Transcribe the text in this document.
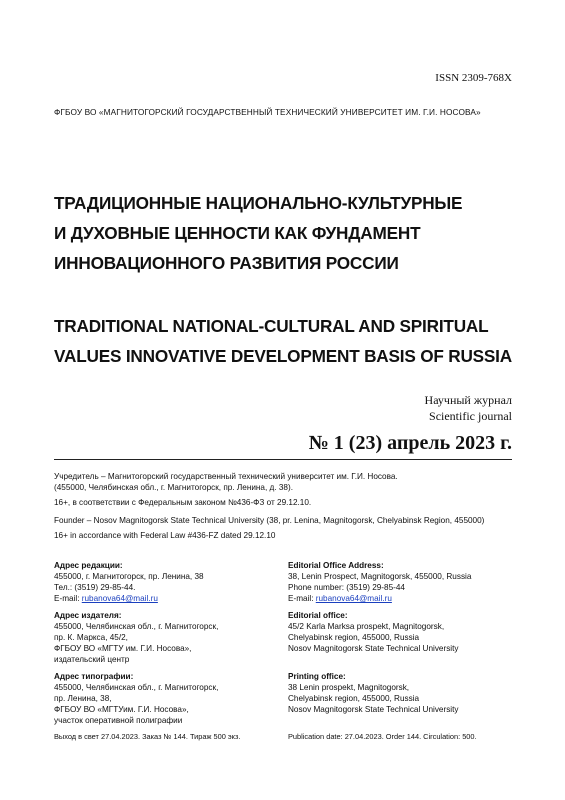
ISSN 2309-768X
ФГБОУ ВО «МАГНИТОГОРСКИЙ ГОСУДАРСТВЕННЫЙ ТЕХНИЧЕСКИЙ УНИВЕРСИТЕТ ИМ. Г.И. НОСОВА»
ТРАДИЦИОННЫЕ НАЦИОНАЛЬНО-КУЛЬТУРНЫЕ
И ДУХОВНЫЕ ЦЕННОСТИ КАК ФУНДАМЕНТ
ИННОВАЦИОННОГО РАЗВИТИЯ РОССИИ
TRADITIONAL NATIONAL-CULTURAL AND SPIRITUAL
VALUES INNOVATIVE DEVELOPMENT BASIS OF RUSSIA
Научный журнал
Scientific journal
№ 1 (23) апрель 2023 г.
Учредитель – Магнитогорский государственный технический университет им. Г.И. Носова.
(455000, Челябинская обл., г. Магнитогорск, пр. Ленина, д. 38).
16+, в соответствии с Федеральным законом №436-ФЗ от 29.12.10.
Founder – Nosov Magnitogorsk State Technical University (38, pr. Lenina, Magnitogorsk, Chelyabinsk Region, 455000)
16+ in accordance with Federal Law #436-FZ dated 29.12.10
Адрес редакции:
455000, г. Магнитогорск, пр. Ленина, 38
Тел.: (3519) 29-85-44.
E-mail: rubanova64@mail.ru
Editorial Office Address:
38, Lenin Prospect, Magnitogorsk, 455000, Russia
Phone number: (3519) 29-85-44
E-mail: rubanova64@mail.ru
Адрес издателя:
455000, Челябинская обл., г. Магнитогорск,
пр. К. Маркса, 45/2,
ФГБОУ ВО «МГТУ им. Г.И. Носова»,
издательский центр
Editorial office:
45/2 Karla Marksa prospekt, Magnitogorsk,
Chelyabinsk region, 455000, Russia
Nosov Magnitogorsk State Technical University
Адрес типографии:
455000, Челябинская обл., г. Магнитогорск,
пр. Ленина, 38,
ФГБОУ ВО «МГТУим. Г.И. Носова»,
участок оперативной полиграфии
Printing office:
38 Lenin prospekt, Magnitogorsk,
Chelyabinsk region, 455000, Russia
Nosov Magnitogorsk State Technical University
Выход в свет 27.04.2023. Заказ № 144. Тираж 500 экз.	Publication date: 27.04.2023. Order 144. Circulation: 500.
